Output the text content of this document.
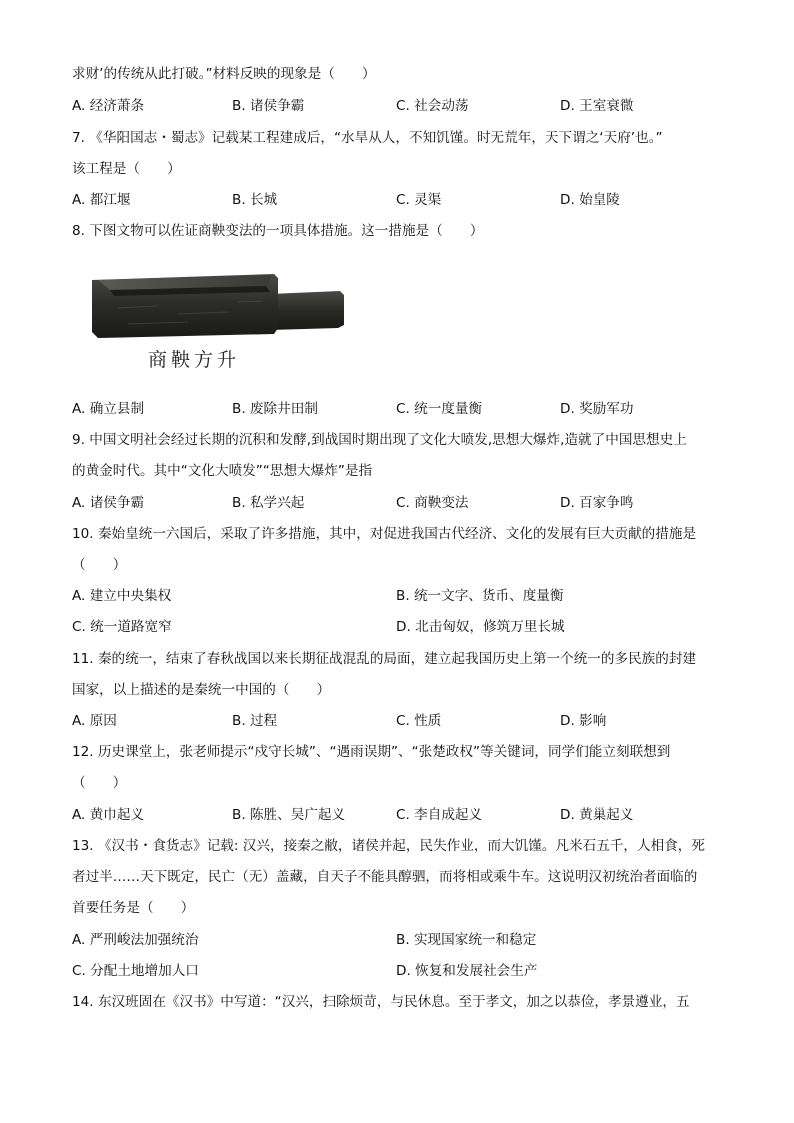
求财’的传统从此打破。”材料反映的现象是（　　）
A. 经济萧条	B. 诸侯争霸	C. 社会动荡	D. 王室衰微
7. 《华阳国志・蜀志》记载某工程建成后，“水旱从人，不知饥馑。时无荒年，天下谓之‘天府’也。”
该工程是（　　）
A. 都江堰	B. 长城	C. 灵渠	D. 始皇陵
8. 下图文物可以佐证商鞅变法的一项具体措施。这一措施是（　　）
商鞅方升
A. 确立县制	B. 废除井田制	C. 统一度量衡	D. 奖励军功
9. 中国文明社会经过长期的沉积和发酵,到战国时期出现了文化大喷发,思想大爆炸,造就了中国思想史上
的黄金时代。其中“文化大喷发”“思想大爆炸”是指
A. 诸侯争霸	B. 私学兴起	C. 商鞅变法	D. 百家争鸣
10. 秦始皇统一六国后，采取了许多措施，其中，对促进我国古代经济、文化的发展有巨大贡献的措施是
（　　）
A. 建立中央集权	B. 统一文字、货币、度量衡
C. 统一道路宽窄	D. 北击匈奴，修筑万里长城
11. 秦的统一，结束了春秋战国以来长期征战混乱的局面，建立起我国历史上第一个统一的多民族的封建
国家，以上描述的是秦统一中国的（　　）
A. 原因	B. 过程	C. 性质	D. 影响
12. 历史课堂上，张老师提示“戍守长城”、“遇雨误期”、“张楚政权”等关键词，同学们能立刻联想到
（　　）
A. 黄巾起义	B. 陈胜、吴广起义	C. 李自成起义	D. 黄巢起义
13. 《汉书・食货志》记载: 汉兴，接秦之敝，诸侯并起，民失作业，而大饥馑。凡米石五千，人相食，死
者过半……天下既定，民亡（无）盖藏，自天子不能具醇驷，而将相或乘牛车。这说明汉初统治者面临的
首要任务是（　　）
A. 严刑峻法加强统治	B. 实现国家统一和稳定
C. 分配土地增加人口	D. 恢复和发展社会生产
14. 东汉班固在《汉书》中写道：“汉兴，扫除烦苛，与民休息。至于孝文，加之以恭俭，孝景遵业，五
